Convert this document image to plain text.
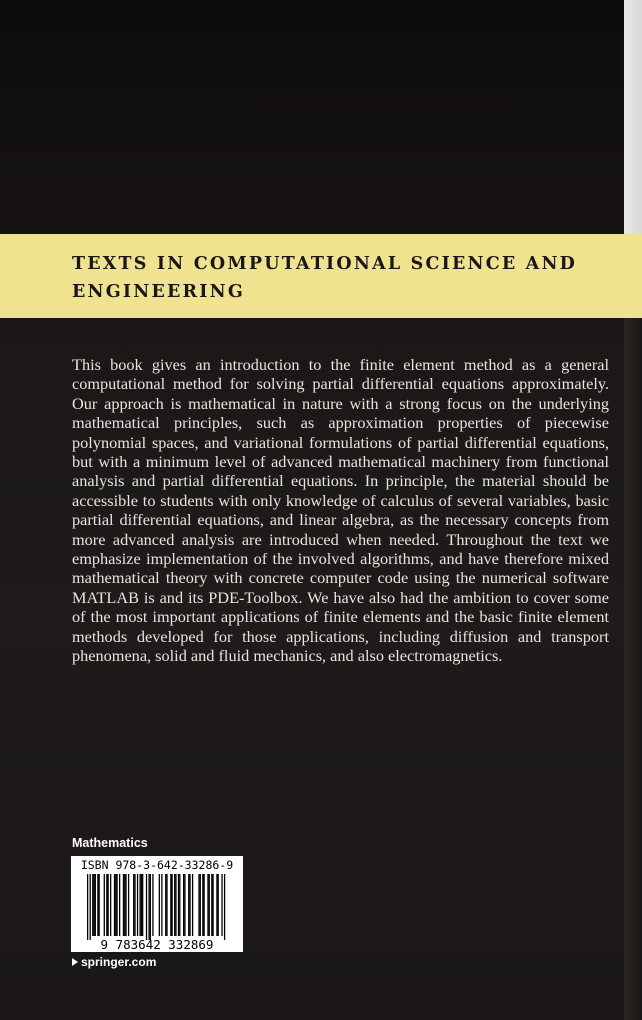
TEXTS IN COMPUTATIONAL SCIENCE AND ENGINEERING

This book gives an introduction to the finite element method as a general computational method for solving partial differential equations approximately. Our approach is mathematical in nature with a strong focus on the underlying mathematical principles, such as approximation properties of piecewise polynomial spaces, and variational formulations of partial differential equations, but with a minimum level of advanced mathematical machinery from functional analysis and partial differential equations. In principle, the material should be accessible to students with only knowledge of calculus of several variables, basic partial differential equations, and linear algebra, as the necessary concepts from more advanced analysis are introduced when needed. Throughout the text we emphasize implementation of the involved algorithms, and have therefore mixed mathematical theory with concrete computer code using the numerical software MATLAB is and its PDE-Toolbox. We have also had the ambition to cover some of the most important applications of finite elements and the basic finite element methods developed for those applications, including diffusion and transport phenomena, solid and fluid mechanics, and also electromagnetics.

Mathematics
ISBN 978-3-642-33286-9
9 783642 332869
springer.com
